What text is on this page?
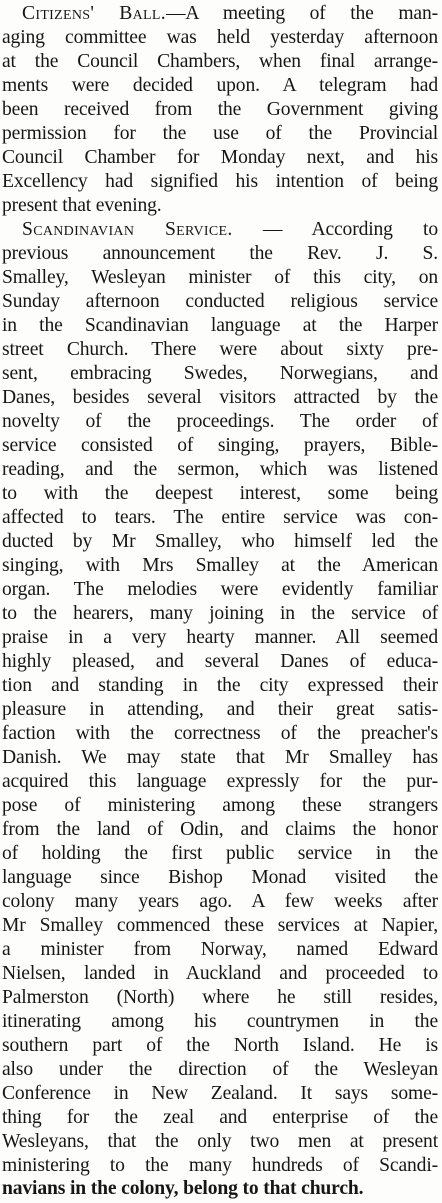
Citizens' Ball.—A meeting of the man-
aging committee was held yesterday afternoon
at the Council Chambers, when final arrange-
ments were decided upon. A telegram had
been received from the Government giving
permission for the use of the Provincial
Council Chamber for Monday next, and his
Excellency had signified his intention of being
present that evening.
Scandinavian Service. — According to
previous announcement the Rev. J. S.
Smalley, Wesleyan minister of this city, on
Sunday afternoon conducted religious service
in the Scandinavian language at the Harper
street Church. There were about sixty pre-
sent, embracing Swedes, Norwegians, and
Danes, besides several visitors attracted by the
novelty of the proceedings. The order of
service consisted of singing, prayers, Bible-
reading, and the sermon, which was listened
to with the deepest interest, some being
affected to tears. The entire service was con-
ducted by Mr Smalley, who himself led the
singing, with Mrs Smalley at the American
organ. The melodies were evidently familiar
to the hearers, many joining in the service of
praise in a very hearty manner. All seemed
highly pleased, and several Danes of educa-
tion and standing in the city expressed their
pleasure in attending, and their great satis-
faction with the correctness of the preacher's
Danish. We may state that Mr Smalley has
acquired this language expressly for the pur-
pose of ministering among these strangers
from the land of Odin, and claims the honor
of holding the first public service in the
language since Bishop Monad visited the
colony many years ago. A few weeks after
Mr Smalley commenced these services at Napier,
a minister from Norway, named Edward
Nielsen, landed in Auckland and proceeded to
Palmerston (North) where he still resides,
itinerating among his countrymen in the
southern part of the North Island. He is
also under the direction of the Wesleyan
Conference in New Zealand. It says some-
thing for the zeal and enterprise of the
Wesleyans, that the only two men at present
ministering to the many hundreds of Scandi-
navians in the colony, belong to that church.
